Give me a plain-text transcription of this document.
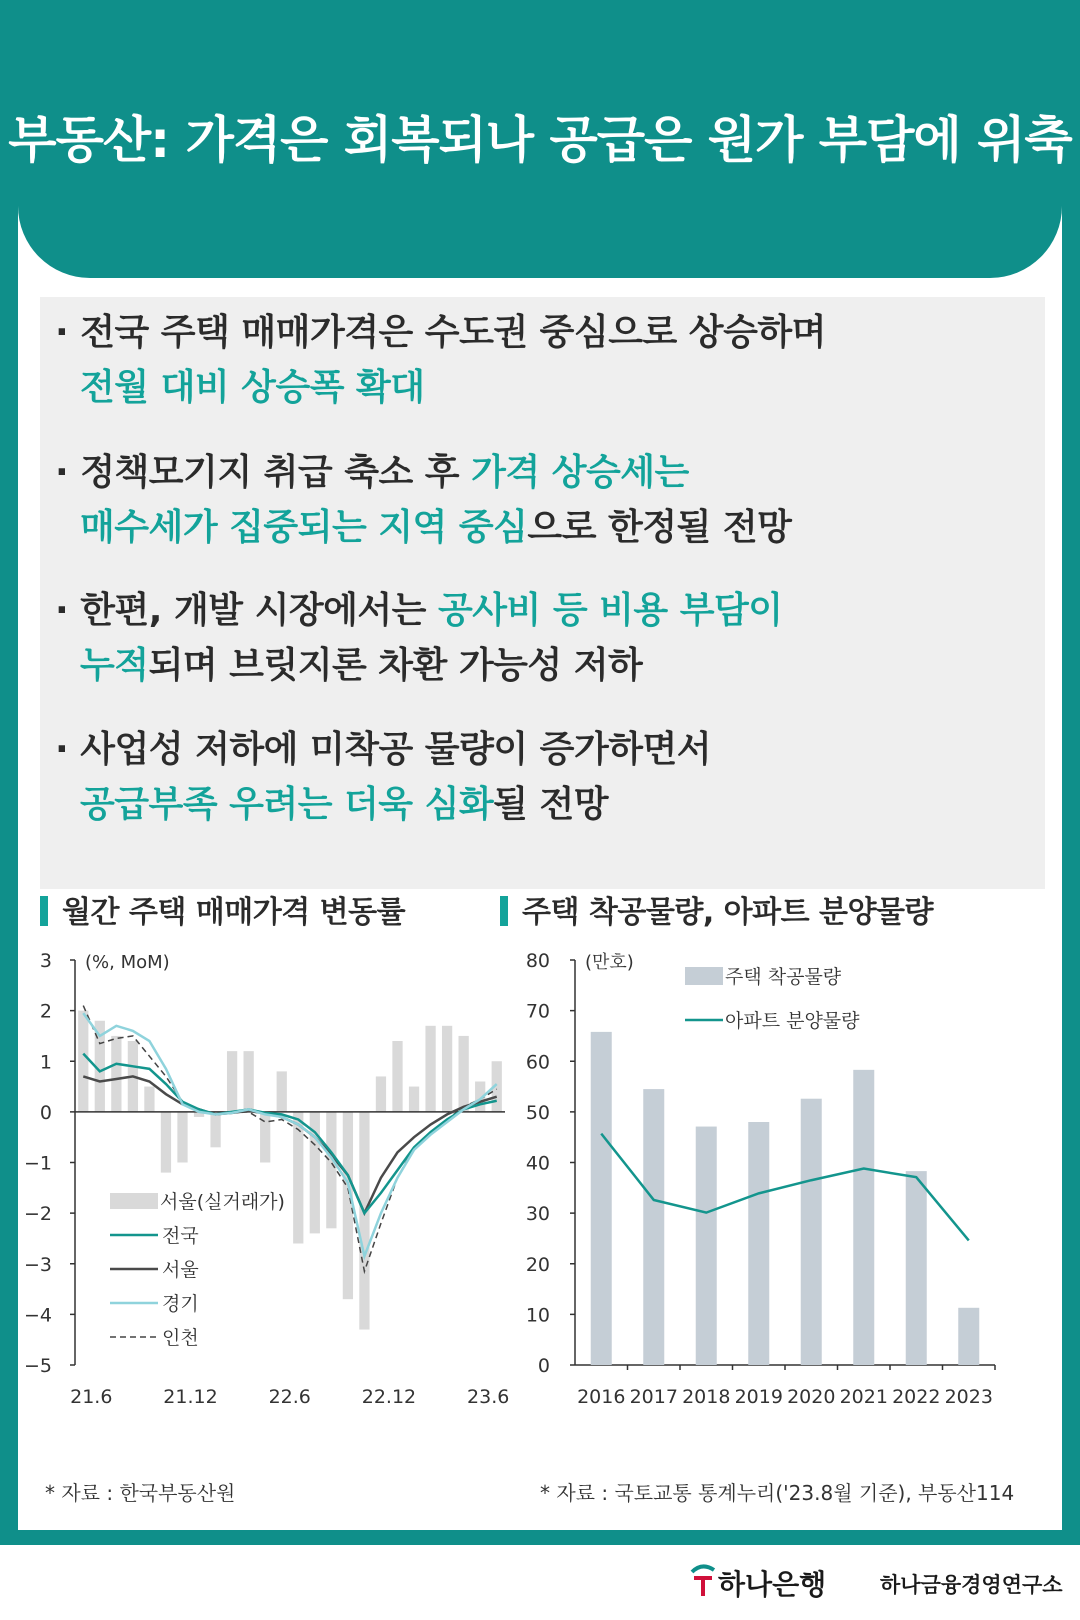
부동산: 가격은 회복되나 공급은 원가 부담에 위축
· 전국 주택 매매가격은 수도권 중심으로 상승하며

전월 대비 상승폭 확대
· 정책모기지 취급 축소 후 가격 상승세는

매수세가 집중되는 지역 중심으로 한정될 전망
· 한편, 개발 시장에서는 공사비 등 비용 부담이

누적되며 브릿지론 차환 가능성 저하
· 사업성 저하에 미착공 물량이 증가하면서

공급부족 우려는 더욱 심화될 전망
월간 주택 매매가격 변동률	주택 착공물량, 아파트 분양물량
3
2
1
0
−1
−2
−3
−4
−5
(%, MoM)
21.6	21.12	22.6	22.12	23.6
서울(실거래가)
전국
서울
경기
인천
80
70
60
50
40
30
20
10
0
(만호)
2016 2017 2018 2019 2020 2021 2022 2023
주택 착공물량
아파트 분양물량
* 자료 : 한국부동산원	* 자료 : 국토교통 통계누리('23.8월 기준), 부동산114
하나은행	하나금융경영연구소
